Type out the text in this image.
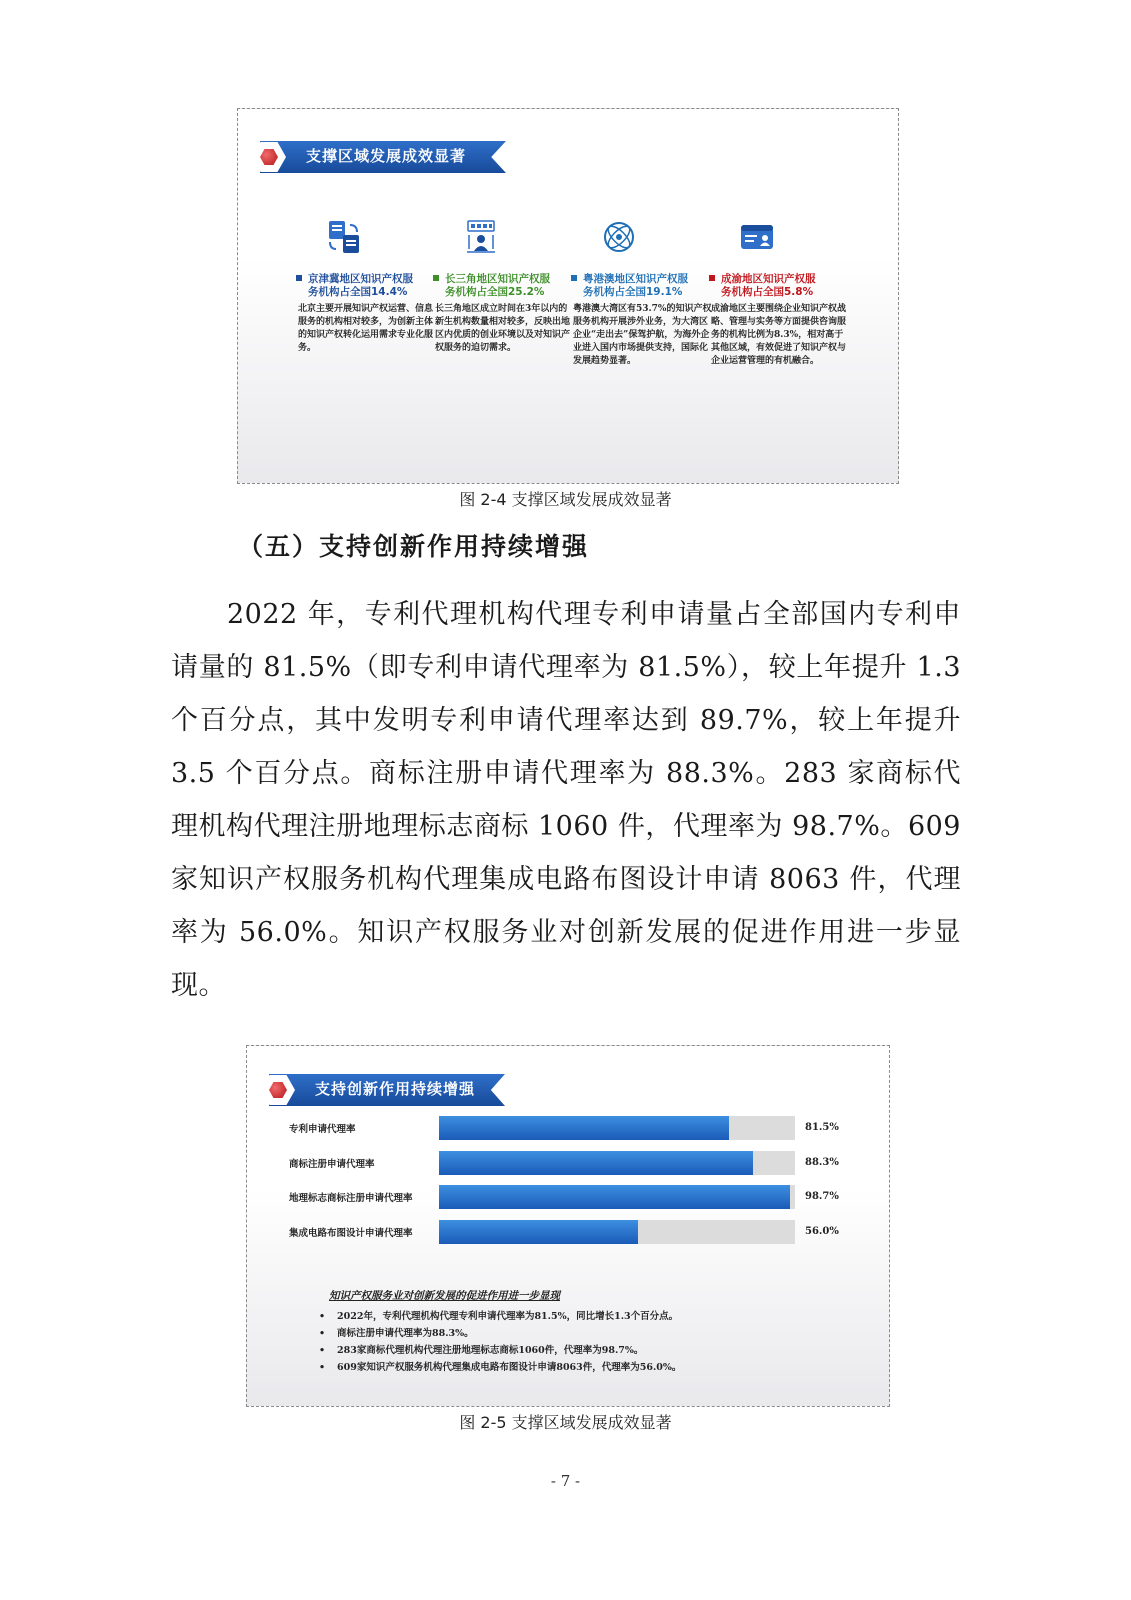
支撑区域发展成效显著
京津冀地区知识产权服
务机构占全国14.4%
北京主要开展知识产权运营、信息服务的机构相对较多，为创新主体的知识产权转化运用需求专业化服务。
长三角地区知识产权服
务机构占全国25.2%
长三角地区成立时间在3年以内的新生机构数量相对较多，反映出地区内优质的创业环境以及对知识产权服务的迫切需求。
粤港澳地区知识产权服
务机构占全国19.1%
粤港澳大湾区有53.7%的知识产权服务机构开展涉外业务，为大湾区企业“走出去”保驾护航，为海外企业进入国内市场提供支持，国际化发展趋势显著。
成渝地区知识产权服
务机构占全国5.8%
成渝地区主要围绕企业知识产权战略、管理与实务等方面提供咨询服务的机构比例为8.3%，相对高于其他区域，有效促进了知识产权与企业运营管理的有机融合。
图 2-4 支撑区域发展成效显著
（五）支持创新作用持续增强
2022 年，专利代理机构代理专利申请量占全部国内专利申请量的 81.5%（即专利申请代理率为 81.5%），较上年提升 1.3 个百分点，其中发明专利申请代理率达到 89.7%，较上年提升 3.5 个百分点。商标注册申请代理率为 88.3%。283 家商标代理机构代理注册地理标志商标 1060 件，代理率为 98.7%。609 家知识产权服务机构代理集成电路布图设计申请 8063 件，代理率为 56.0%。知识产权服务业对创新发展的促进作用进一步显现。
支持创新作用持续增强
专利申请代理率	81.5%
商标注册申请代理率	88.3%
地理标志商标注册申请代理率	98.7%
集成电路布图设计申请代理率	56.0%
知识产权服务业对创新发展的促进作用进一步显现
• 2022年，专利代理机构代理专利申请代理率为81.5%，同比增长1.3个百分点。
• 商标注册申请代理率为88.3%。
• 283家商标代理机构代理注册地理标志商标1060件，代理率为98.7%。
• 609家知识产权服务机构代理集成电路布图设计申请8063件，代理率为56.0%。
图 2-5 支撑区域发展成效显著
- 7 -
